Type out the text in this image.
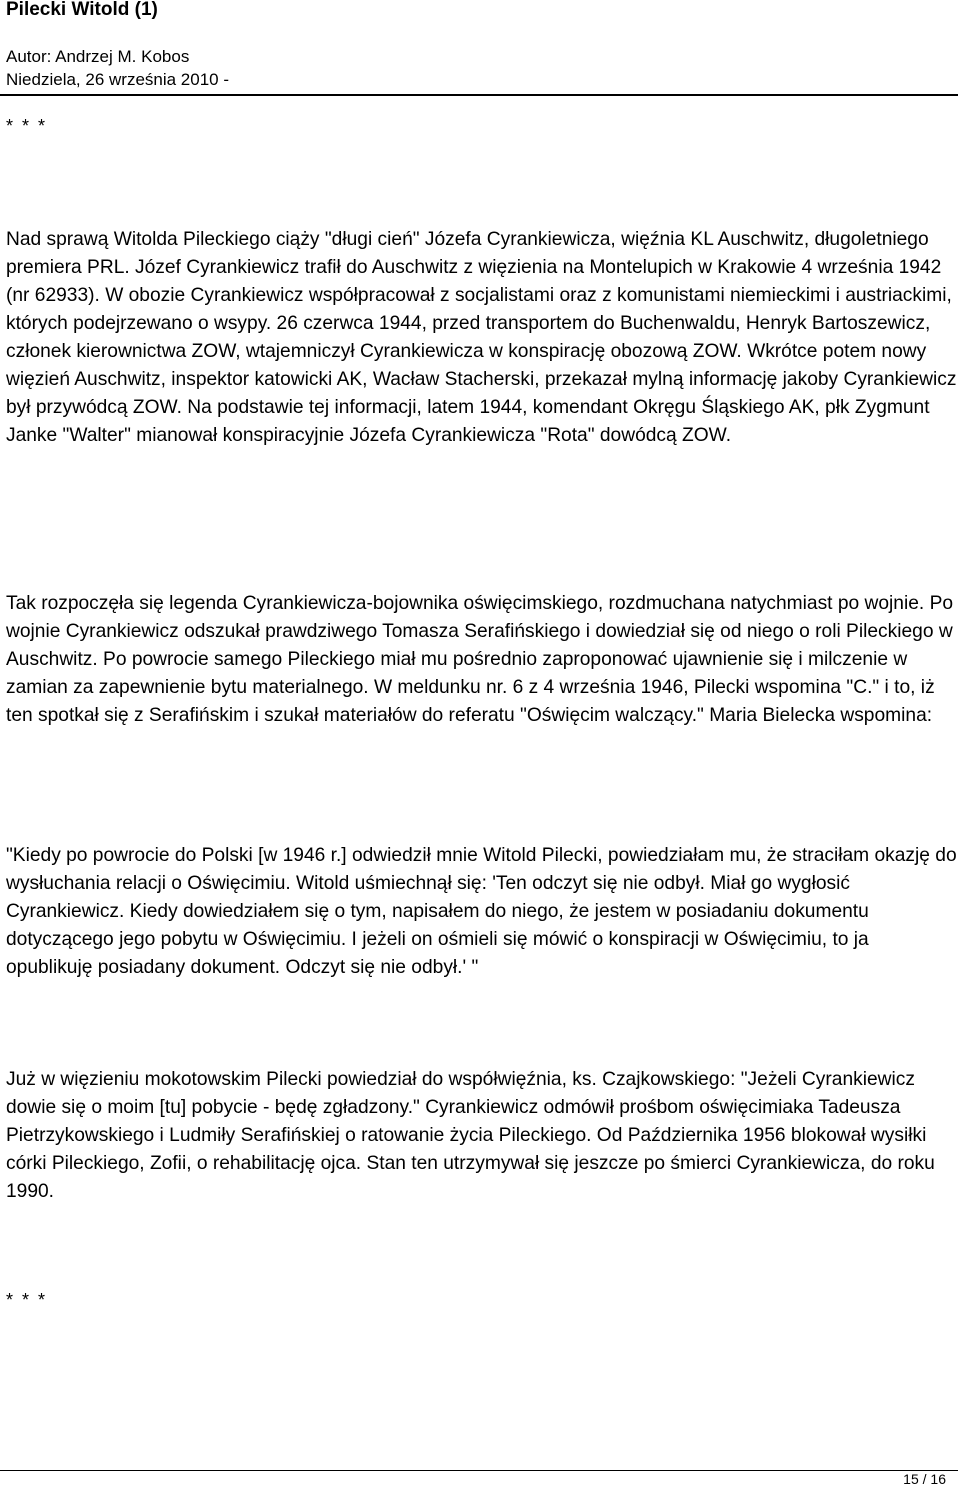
Pilecki Witold (1)
Autor: Andrzej M. Kobos
Niedziela, 26 września 2010 -
* * *

Nad sprawą Witolda Pileckiego ciąży "długi cień" Józefa Cyrankiewicza, więźnia KL Auschwitz, długoletniego premiera PRL. Józef Cyrankiewicz trafił do Auschwitz z więzienia na Montelupich w Krakowie 4 września 1942 (nr 62933). W obozie Cyrankiewicz współpracował z socjalistami oraz z komunistami niemieckimi i austriackimi, których podejrzewano o wsypy. 26 czerwca 1944, przed transportem do Buchenwaldu, Henryk Bartoszewicz, członek kierownictwa ZOW, wtajemniczył Cyrankiewicza w konspirację obozową ZOW. Wkrótce potem nowy więzień Auschwitz, inspektor katowicki AK, Wacław Stacherski, przekazał mylną informację jakoby Cyrankiewicz był przywódcą ZOW. Na podstawie tej informacji, latem 1944, komendant Okręgu Śląskiego AK, płk Zygmunt Janke "Walter" mianował konspiracyjnie Józefa Cyrankiewicza "Rota" dowódcą ZOW.

Tak rozpoczęła się legenda Cyrankiewicza-bojownika oświęcimskiego, rozdmuchana natychmiast po wojnie. Po wojnie Cyrankiewicz odszukał prawdziwego Tomasza Serafińskiego i dowiedział się od niego o roli Pileckiego w Auschwitz. Po powrocie samego Pileckiego miał mu pośrednio zaproponować ujawnienie się i milczenie w zamian za zapewnienie bytu materialnego. W meldunku nr. 6 z 4 września 1946, Pilecki wspomina "C." i to, iż ten spotkał się z Serafińskim i szukał materiałów do referatu "Oświęcim walczący." Maria Bielecka wspomina:

"Kiedy po powrocie do Polski [w 1946 r.] odwiedził mnie Witold Pilecki, powiedziałam mu, że straciłam okazję do wysłuchania relacji o Oświęcimiu. Witold uśmiechnął się: 'Ten odczyt się nie odbył. Miał go wygłosić Cyrankiewicz. Kiedy dowiedziałem się o tym, napisałem do niego, że jestem w posiadaniu dokumentu dotyczącego jego pobytu w Oświęcimiu. I jeżeli on ośmieli się mówić o konspiracji w Oświęcimiu, to ja opublikuję posiadany dokument. Odczyt się nie odbył.' "

Już w więzieniu mokotowskim Pilecki powiedział do współwięźnia, ks. Czajkowskiego: "Jeżeli Cyrankiewicz dowie się o moim [tu] pobycie - będę zgładzony." Cyrankiewicz odmówił prośbom oświęcimiaka Tadeusza Pietrzykowskiego i Ludmiły Serafińskiej o ratowanie życia Pileckiego. Od Października 1956 blokował wysiłki córki Pileckiego, Zofii, o rehabilitację ojca. Stan ten utrzymywał się jeszcze po śmierci Cyrankiewicza, do roku 1990.

* * *
15 / 16
